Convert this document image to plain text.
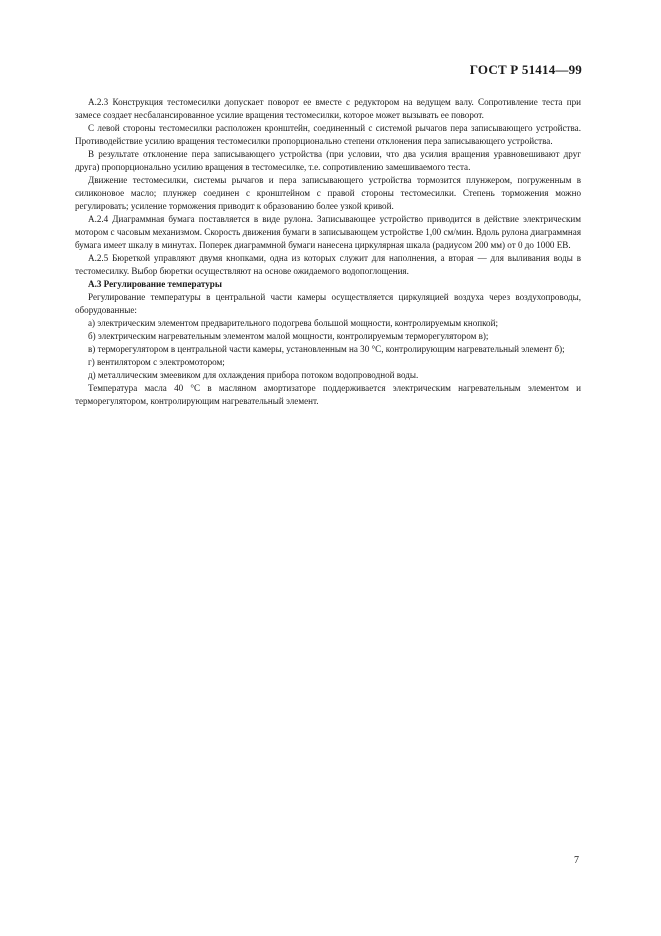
ГОСТ Р 51414—99

А.2.3 Конструкция тестомесилки допускает поворот ее вместе с редуктором на ведущем валу. Сопротивление теста при замесе создает несбалансированное усилие вращения тестомесилки, которое может вызывать ее поворот.

С левой стороны тестомесилки расположен кронштейн, соединенный с системой рычагов пера записывающего устройства. Противодействие усилию вращения тестомесилки пропорционально степени отклонения пера записывающего устройства.

В результате отклонение пера записывающего устройства (при условии, что два усилия вращения уравновешивают друг друга) пропорционально усилию вращения в тестомесилке, т.е. сопротивлению замешиваемого теста.

Движение тестомесилки, системы рычагов и пера записывающего устройства тормозится плунжером, погруженным в силиконовое масло; плунжер соединен с кронштейном с правой стороны тестомесилки. Степень торможения можно регулировать; усиление торможения приводит к образованию более узкой кривой.

А.2.4 Диаграммная бумага поставляется в виде рулона. Записывающее устройство приводится в действие электрическим мотором с часовым механизмом. Скорость движения бумаги в записывающем устройстве 1,00 см/мин. Вдоль рулона диаграммная бумага имеет шкалу в минутах. Поперек диаграммной бумаги нанесена циркулярная шкала (радиусом 200 мм) от 0 до 1000 ЕВ.

А.2.5 Бюреткой управляют двумя кнопками, одна из которых служит для наполнения, а вторая — для выливания воды в тестомесилку. Выбор бюретки осуществляют на основе ожидаемого водопоглощения.

А.3 Регулирование температуры

Регулирование температуры в центральной части камеры осуществляется циркуляцией воздуха через воздухопроводы, оборудованные:

а) электрическим элементом предварительного подогрева большой мощности, контролируемым кнопкой;

б) электрическим нагревательным элементом малой мощности, контролируемым терморегулятором в);

в) терморегулятором в центральной части камеры, установленным на 30 °С, контролирующим нагревательный элемент б);

г) вентилятором с электромотором;

д) металлическим змеевиком для охлаждения прибора потоком водопроводной воды.

Температура масла 40 °С в масляном амортизаторе поддерживается электрическим нагревательным элементом и терморегулятором, контролирующим нагревательный элемент.

7
